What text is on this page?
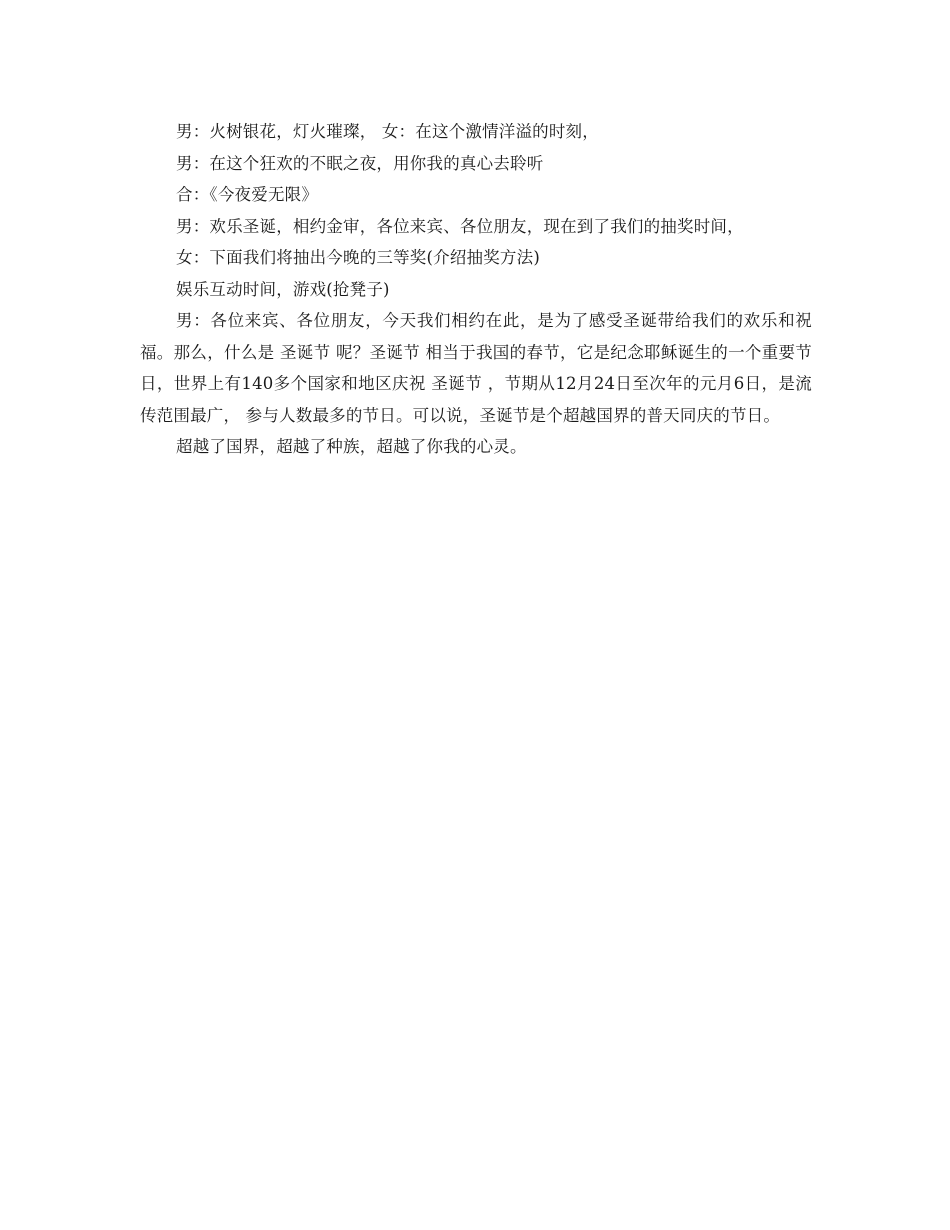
男：火树银花，灯火璀璨， 女：在这个激情洋溢的时刻，

男：在这个狂欢的不眠之夜，用你我的真心去聆听

合：《今夜爱无限》

男：欢乐圣诞，相约金审，各位来宾、各位朋友，现在到了我们的抽奖时间，

女：下面我们将抽出今晚的三等奖(介绍抽奖方法)

娱乐互动时间，游戏(抢凳子)

男：各位来宾、各位朋友，今天我们相约在此，是为了感受圣诞带给我们的欢乐和祝福。那么，什么是 圣诞节 呢？圣诞节 相当于我国的春节，它是纪念耶稣诞生的一个重要节日，世界上有140多个国家和地区庆祝 圣诞节 ，节期从12月24日至次年的元月6日，是流传范围最广， 参与人数最多的节日。可以说，圣诞节是个超越国界的普天同庆的节日。

超越了国界，超越了种族，超越了你我的心灵。
